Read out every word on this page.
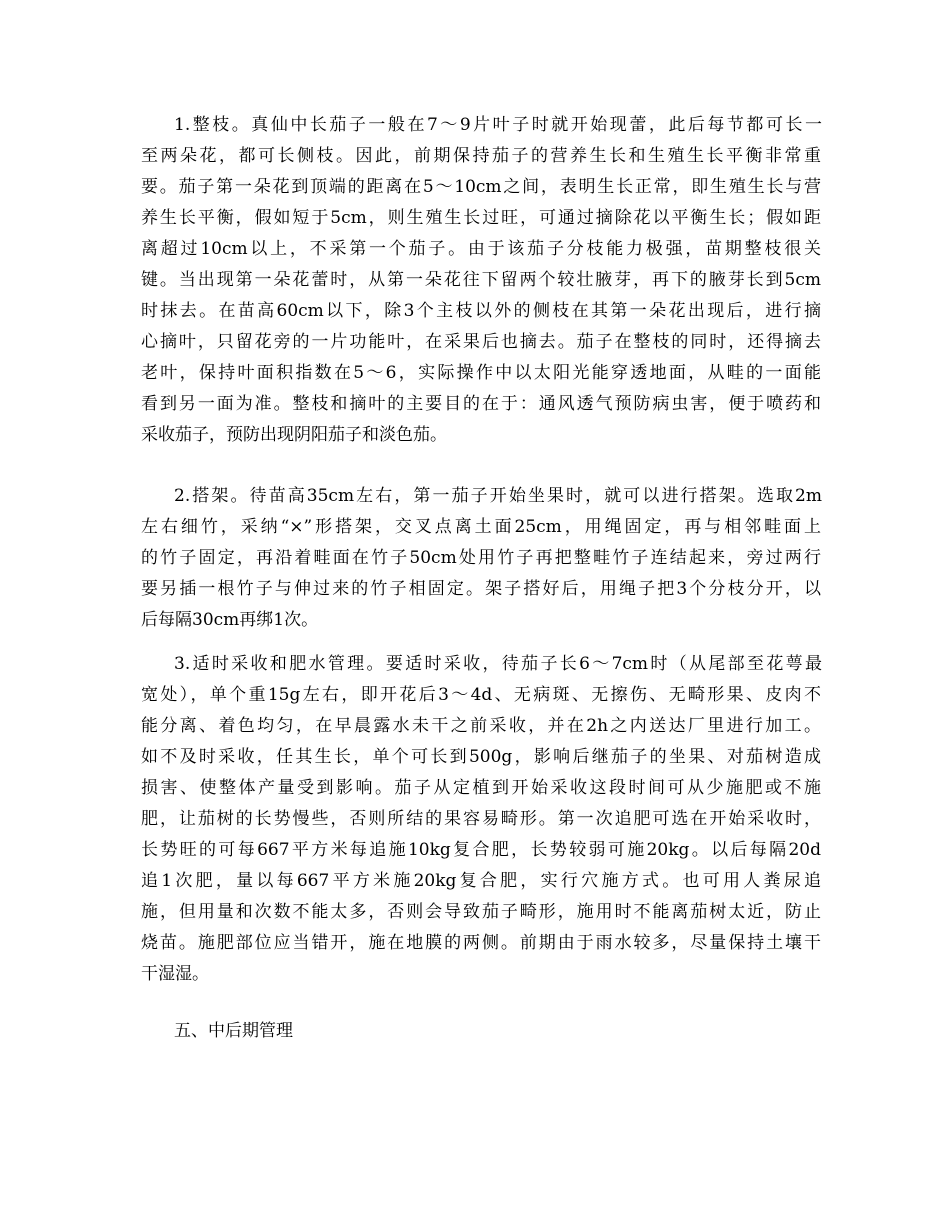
1.整枝。真仙中长茄子一般在7～9片叶子时就开始现蕾，此后每节都可长一
至两朵花，都可长侧枝。因此，前期保持茄子的营养生长和生殖生长平衡非常重
要。茄子第一朵花到顶端的距离在5～10cm之间，表明生长正常，即生殖生长与营
养生长平衡，假如短于5cm，则生殖生长过旺，可通过摘除花以平衡生长；假如距
离超过10cm以上，不采第一个茄子。由于该茄子分枝能力极强，苗期整枝很关
键。当出现第一朵花蕾时，从第一朵花往下留两个较壮腋芽，再下的腋芽长到5cm
时抹去。在苗高60cm以下，除3个主枝以外的侧枝在其第一朵花出现后，进行摘
心摘叶，只留花旁的一片功能叶，在采果后也摘去。茄子在整枝的同时，还得摘去
老叶，保持叶面积指数在5～6，实际操作中以太阳光能穿透地面，从畦的一面能
看到另一面为准。整枝和摘叶的主要目的在于：通风透气预防病虫害，便于喷药和
采收茄子，预防出现阴阳茄子和淡色茄。
2.搭架。待苗高35cm左右，第一茄子开始坐果时，就可以进行搭架。选取2m
左右细竹，采纳“×”形搭架，交叉点离土面25cm，用绳固定，再与相邻畦面上
的竹子固定，再沿着畦面在竹子50cm处用竹子再把整畦竹子连结起来，旁过两行
要另插一根竹子与伸过来的竹子相固定。架子搭好后，用绳子把3个分枝分开，以
后每隔30cm再绑1次。
3.适时采收和肥水管理。要适时采收，待茄子长6～7cm时（从尾部至花萼最
宽处），单个重15g左右，即开花后3～4d、无病斑、无擦伤、无畸形果、皮肉不
能分离、着色均匀，在早晨露水未干之前采收，并在2h之内送达厂里进行加工。
如不及时采收，任其生长，单个可长到500g，影响后继茄子的坐果、对茄树造成
损害、使整体产量受到影响。茄子从定植到开始采收这段时间可从少施肥或不施
肥，让茄树的长势慢些，否则所结的果容易畸形。第一次追肥可选在开始采收时，
长势旺的可每667平方米每追施10kg复合肥，长势较弱可施20kg。以后每隔20d
追1次肥，量以每667平方米施20kg复合肥，实行穴施方式。也可用人粪尿追
施，但用量和次数不能太多，否则会导致茄子畸形，施用时不能离茄树太近，防止
烧苗。施肥部位应当错开，施在地膜的两侧。前期由于雨水较多，尽量保持土壤干
干湿湿。
五、中后期管理
